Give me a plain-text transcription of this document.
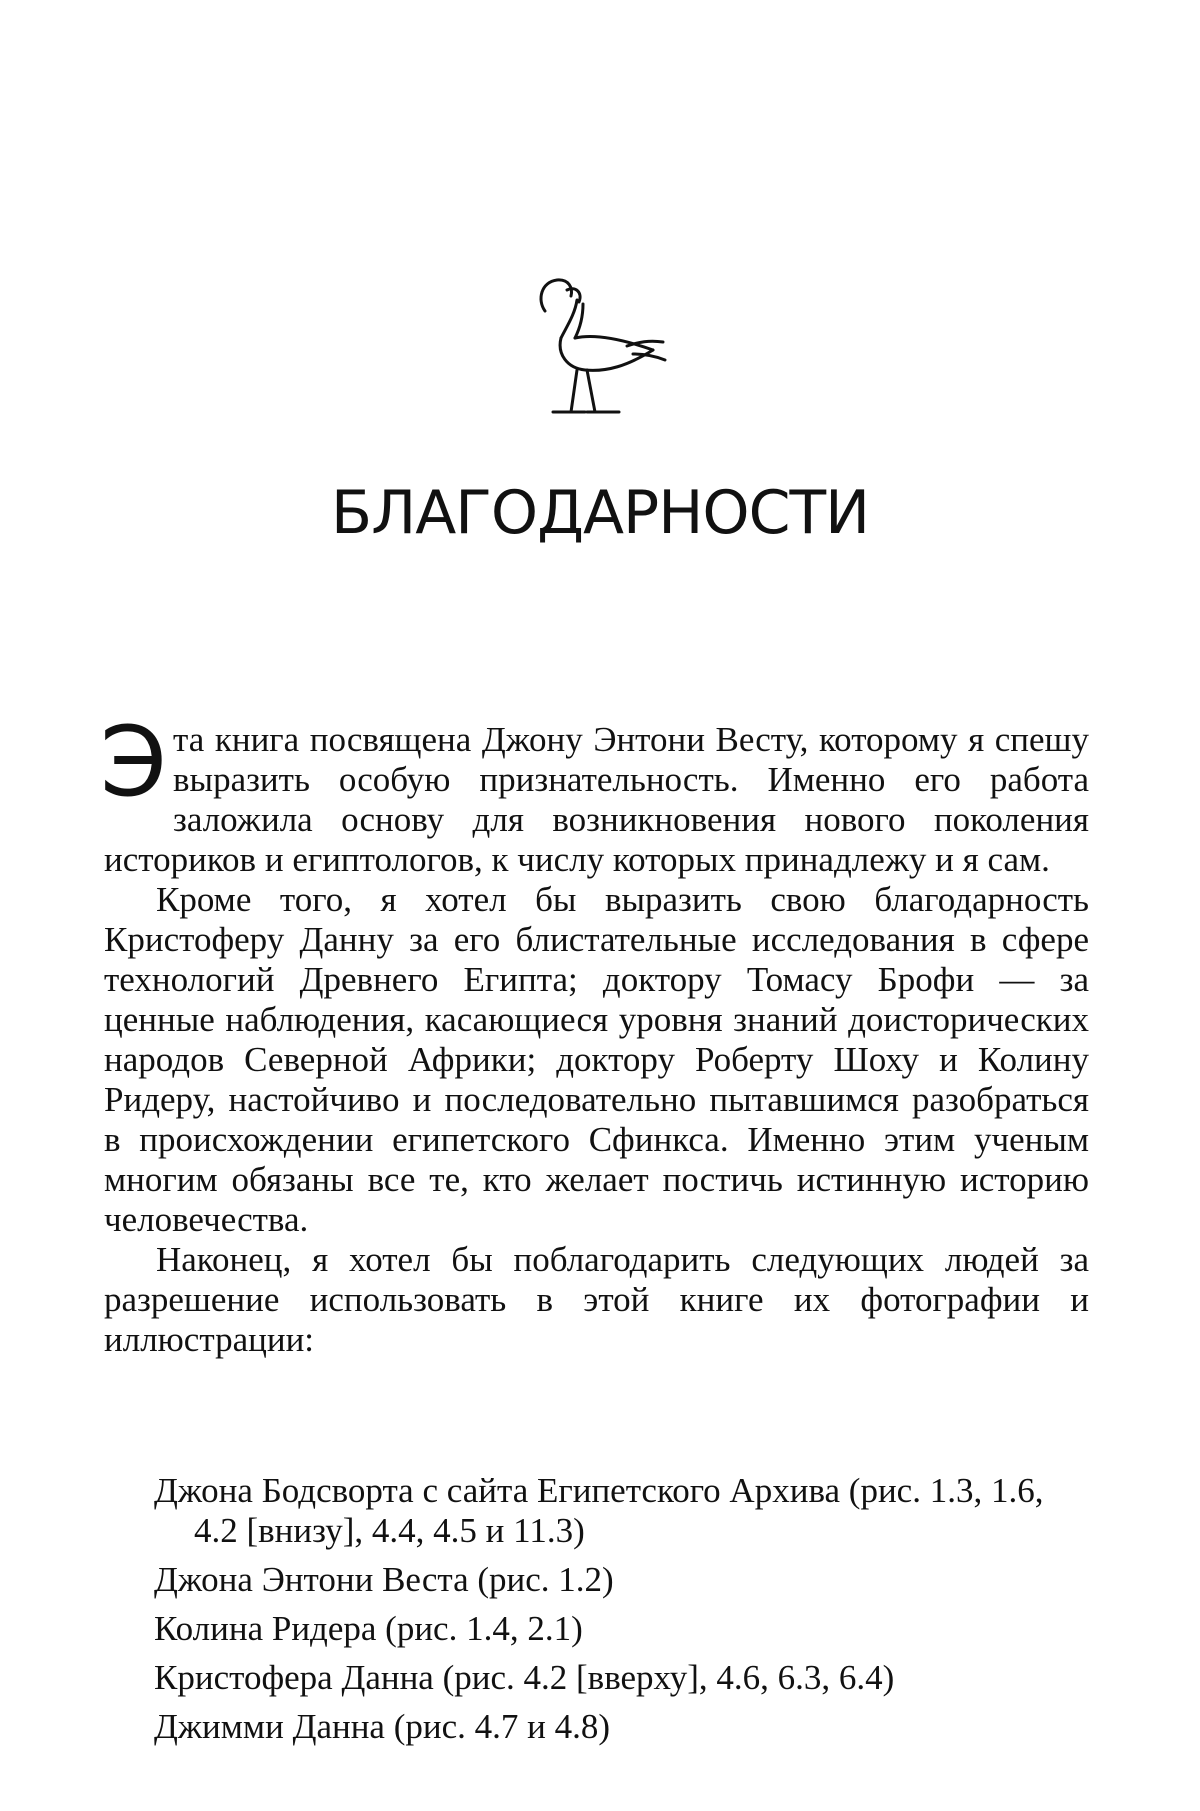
БЛАГОДАРНОСТИ

Эта книга посвящена Джону Энтони Весту, которому я спешу выразить особую признательность. Именно его работа заложила основу для возникновения нового поколения историков и египтологов, к числу которых принадлежу и я сам.

Кроме того, я хотел бы выразить свою благодарность Кристоферу Данну за его блистательные исследования в сфере технологий Древнего Египта; доктору Томасу Брофи — за ценные наблюдения, касающиеся уровня знаний доисторических народов Северной Африки; доктору Роберту Шоху и Колину Ридеру, настойчиво и последовательно пытавшимся разобраться в происхождении египетского Сфинкса. Именно этим ученым многим обязаны все те, кто желает постичь истинную историю человечества.

Наконец, я хотел бы поблагодарить следующих людей за разрешение использовать в этой книге их фотографии и иллюстрации:

Джона Бодсворта с сайта Египетского Архива (рис. 1.3, 1.6, 4.2 [внизу], 4.4, 4.5 и 11.3)
Джона Энтони Веста (рис. 1.2)
Колина Ридера (рис. 1.4, 2.1)
Кристофера Данна (рис. 4.2 [вверху], 4.6, 6.3, 6.4)
Джимми Данна (рис. 4.7 и 4.8)
